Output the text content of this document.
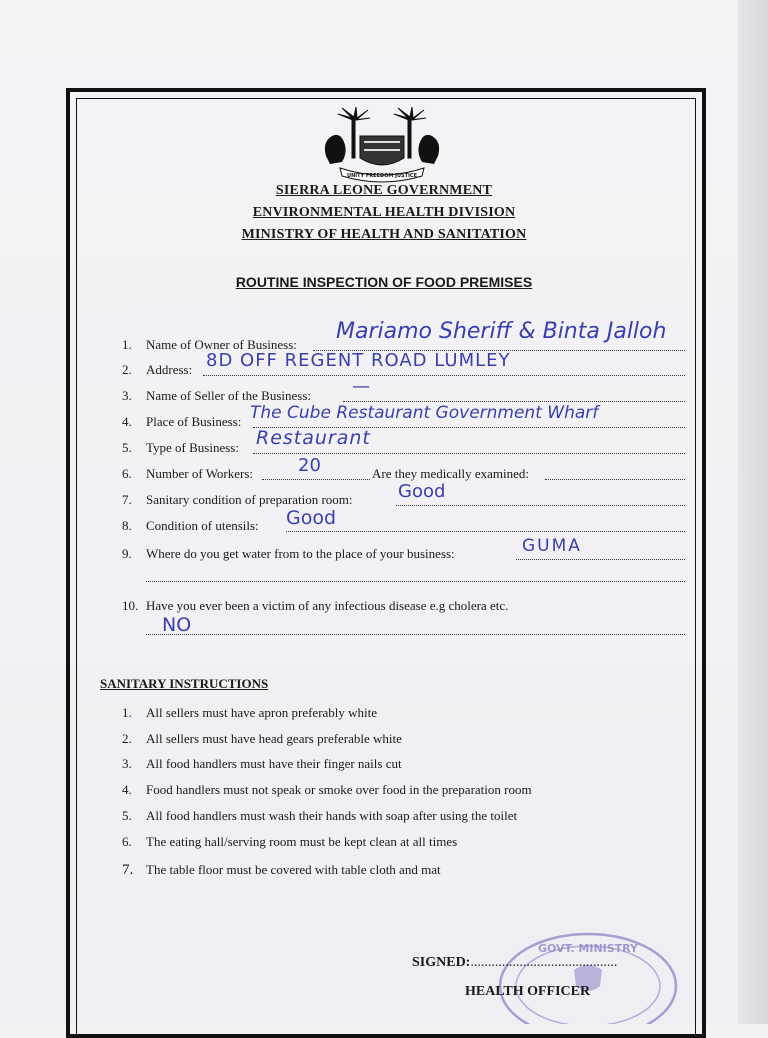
UNITY FREEDOM JUSTICE
SIERRA LEONE GOVERNMENT
ENVIRONMENTAL HEALTH DIVISION
MINISTRY OF HEALTH AND SANITATION
ROUTINE INSPECTION OF FOOD PREMISES
1. Name of Owner of Business:
Mariamo Sheriff & Binta Jalloh
2. Address: 8D OFF REGENT ROAD LUMLEY
3. Name of Seller of the Business: —
4. Place of Business: The Cube Restaurant Government Wharf
5. Type of Business: Restaurant
6. Number of Workers: 20	Are they medically examined:
7. Sanitary condition of preparation room:	Good
8. Condition of utensils: Good
9. Where do you get water from to the place of your business:	GUMA
10. Have you ever been a victim of any infectious disease e.g cholera etc.
NO
SANITARY INSTRUCTIONS
1. All sellers must have apron preferably white
2. All sellers must have head gears preferable white
3. All food handlers must have their finger nails cut
4. Food handlers must not speak or smoke over food in the preparation room
5. All food handlers must wash their hands with soap after using the toilet
6. The eating hall/serving room must be kept clean at all times
7. The table floor must be covered with table cloth and mat
GOVT. MINISTRY
SIGNED:..........................................
HEALTH OFFICER
